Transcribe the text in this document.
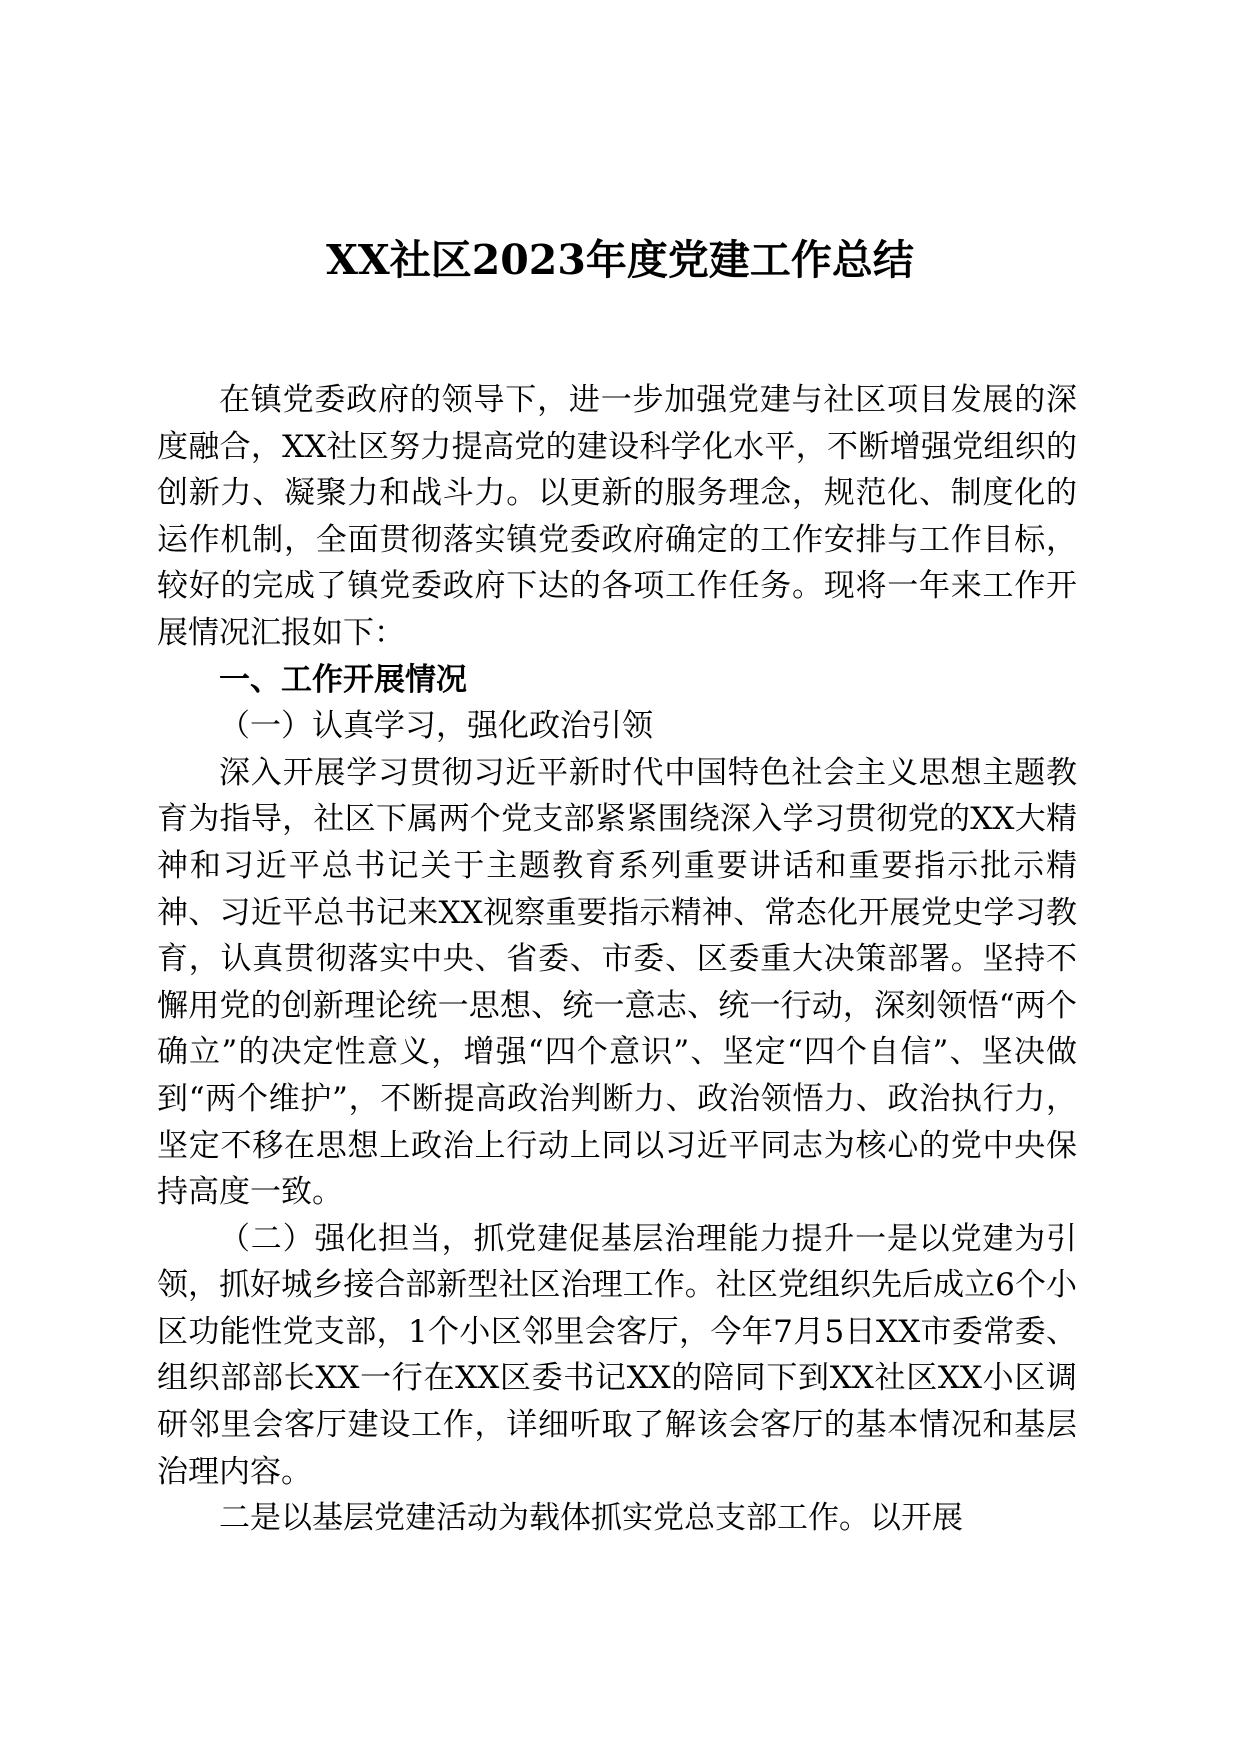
XX社区2023年度党建工作总结

在镇党委政府的领导下，进一步加强党建与社区项目发展的深度融合，XX社区努力提高党的建设科学化水平，不断增强党组织的创新力、凝聚力和战斗力。以更新的服务理念，规范化、制度化的运作机制，全面贯彻落实镇党委政府确定的工作安排与工作目标，较好的完成了镇党委政府下达的各项工作任务。现将一年来工作开展情况汇报如下：

一、工作开展情况
（一）认真学习，强化政治引领

深入开展学习贯彻习近平新时代中国特色社会主义思想主题教育为指导，社区下属两个党支部紧紧围绕深入学习贯彻党的XX大精神和习近平总书记关于主题教育系列重要讲话和重要指示批示精神、习近平总书记来XX视察重要指示精神、常态化开展党史学习教育，认真贯彻落实中央、省委、市委、区委重大决策部署。坚持不懈用党的创新理论统一思想、统一意志、统一行动，深刻领悟“两个确立”的决定性意义，增强“四个意识”、坚定“四个自信”、坚决做到“两个维护”，不断提高政治判断力、政治领悟力、政治执行力，坚定不移在思想上政治上行动上同以习近平同志为核心的党中央保持高度一致。

（二）强化担当，抓党建促基层治理能力提升一是以党建为引领，抓好城乡接合部新型社区治理工作。社区党组织先后成立6个小区功能性党支部，1个小区邻里会客厅，今年7月5日XX市委常委、组织部部长XX一行在XX区委书记XX的陪同下到XX社区XX小区调研邻里会客厅建设工作，详细听取了解该会客厅的基本情况和基层治理内容。

二是以基层党建活动为载体抓实党总支部工作。以开展
